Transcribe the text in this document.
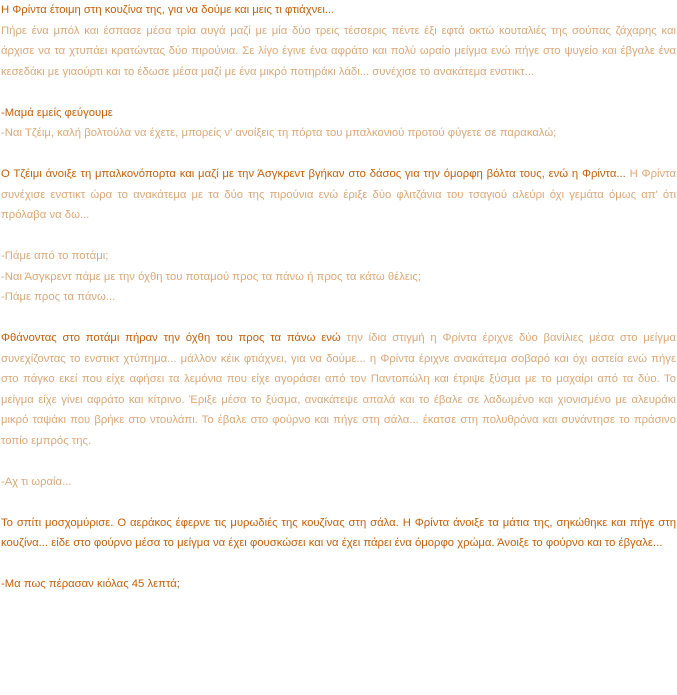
Η Φρίντα έτοιμη στη κουζίνα της, για να δούμε και μεις τι φτιάχνει...
Πήρε ένα μπόλ και έσπασε μέσα τρία αυγά μαζί με μία δύο τρεις τέσσερις πέντε έξι εφτά οκτώ κουταλιές της σούπας ζάχαρης και άρχισε να τα χτυπάει κρατώντας δύο πιρούνια. Σε λίγο έγινε ένα αφράτο και πολύ ωραίο μείγμα ενώ πήγε στο ψυγείο και έβγαλε ένα κεσεδάκι με γιαούρτι και το έδωσε μέσα μαζί με ένα μικρό ποτηράκι λάδι... συνέχισε το ανακάτεμα ενστικτ...

-Μαμά εμείς φεύγουμε
-Ναι Τζέιμ, καλή βολτούλα να έχετε, μπορείς ν' ανοίξεις τη πόρτα του μπαλκονιού προτού φύγετε σε παρακαλώ;

Ο Τζέιμι άνοιξε τη μπαλκονόπορτα και μαζί με την Άσγκρεντ βγήκαν στο δάσος για την όμορφη βόλτα τους, ενώ η Φρίντα... Η Φρίντα συνέχισε ενστικτ ώρα το ανακάτεμα με τα δύο της πιρούνια ενώ έριξε δύο φλιτζάνια του τσαγιού αλεύρι όχι γεμάτα όμως απ' ότι πρόλαβα να δω...

-Πάμε από το ποτάμι;
-Ναι Άσγκρεντ πάμε με την όχθη του ποταμού προς τα πάνω ή προς τα κάτω θέλεις;
-Πάμε προς τα πάνω...

Φθάνοντας στο ποτάμι πήραν την όχθη του προς τα πάνω ενώ την ίδια στιγμή η Φρίντα έριχνε δύο βανίλιες μέσα στο μείγμα συνεχίζοντας το ενστικτ χτύπημα... μάλλον κέικ φτιάχνει, για να δούμε... η Φρίντα έριχνε ανακάτεμα σοβαρό και όχι αστεία ενώ πήγε στο πάγκο εκεί που είχε αφήσει τα λεμόνια που είχε αγοράσει από τον Παντοπώλη και έτριψε ξύσμα με το μαχαίρι από τα δύο. Το μείγμα είχε γίνει αφράτο και κίτρινο. Έριξε μέσα το ξύσμα, ανακάτεψε απαλά και το έβαλε σε λαδωμένο και χιονισμένο με αλευράκι μικρό ταψάκι που βρήκε στο ντουλάπι. Το έβαλε στο φούρνο και πήγε στη σάλα... έκατσε στη πολυθρόνα και συνάντησε το πράσινο τοπίο εμπρός της.

-Αχ τι ωραία...

Το σπίτι μοσχομύρισε. Ο αεράκος έφερνε τις μυρωδιές της κουζίνας στη σάλα. Η Φρίντα άνοιξε τα μάτια της, σηκώθηκε και πήγε στη κουζίνα... είδε στο φούρνο μέσα το μείγμα να έχει φουσκώσει και να έχει πάρει ένα όμορφο χρώμα. Άνοιξε το φούρνο και το έβγαλε...

-Μα πως πέρασαν κιόλας 45 λεπτά;
